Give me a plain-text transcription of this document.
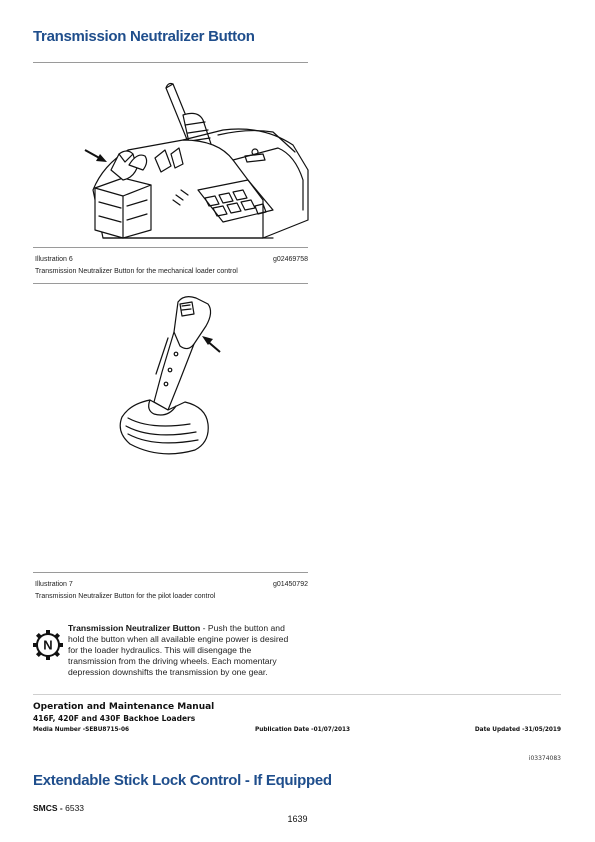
Transmission Neutralizer Button
Illustration 6	g02469758
Transmission Neutralizer Button for the mechanical loader control
Illustration 7	g01450792
Transmission Neutralizer Button for the pilot loader control
N
Transmission Neutralizer Button - Push the button and hold the button when all available engine power is desired for the loader hydraulics. This will disengage the transmission from the driving wheels. Each momentary depression downshifts the transmission by one gear.
Operation and Maintenance Manual
416F, 420F and 430F Backhoe Loaders
Media Number -SEBU8715-06	Publication Date -01/07/2013	Date Updated -31/05/2019
i03374083
Extendable Stick Lock Control - If Equipped
SMCS - 6533
1639
